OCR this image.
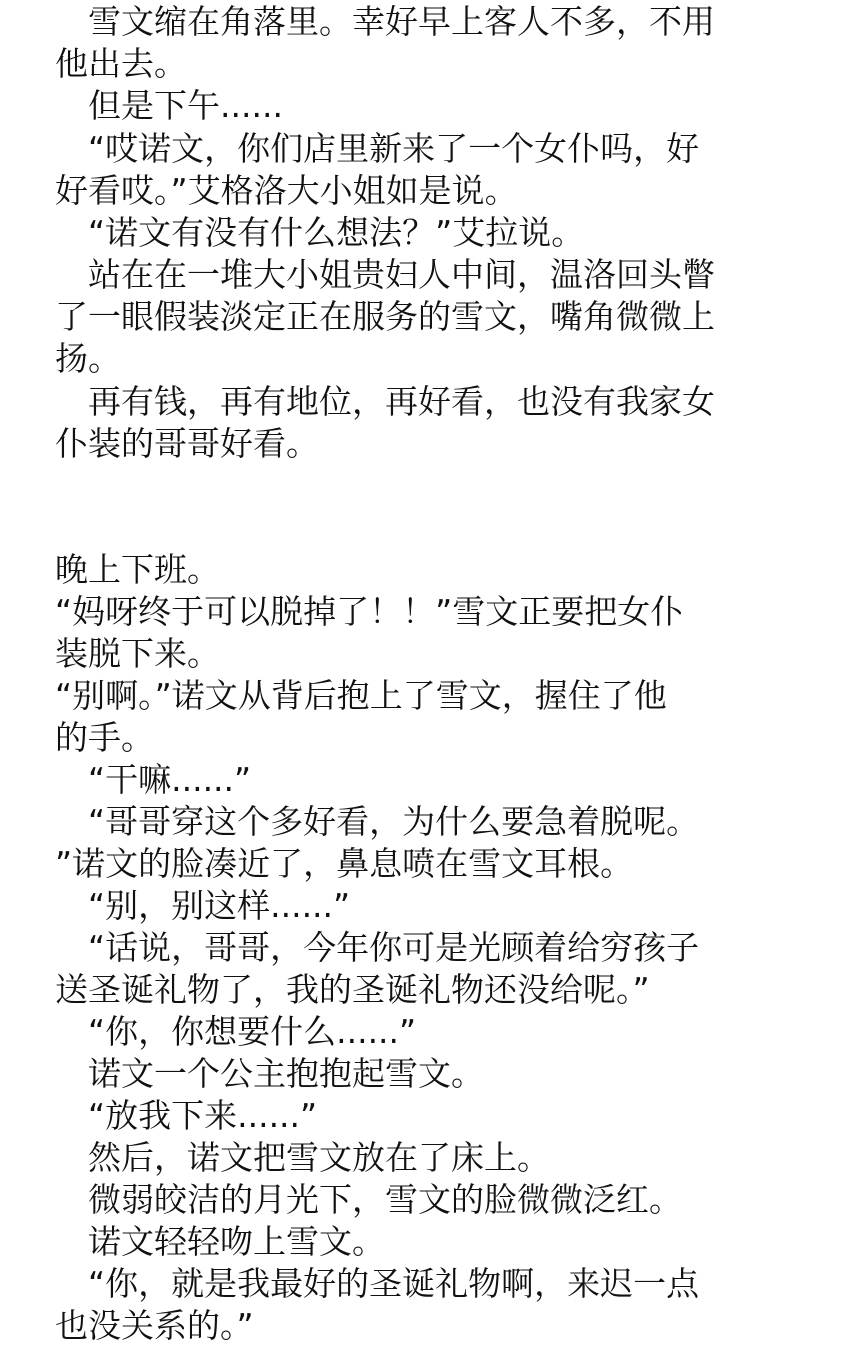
　雪文缩在角落里。幸好早上客人不多，不用
他出去。
　但是下午......
　“哎诺文，你们店里新来了一个女仆吗，好
好看哎。”艾格洛大小姐如是说。
　“诺文有没有什么想法？”艾拉说。
　站在在一堆大小姐贵妇人中间，温洛回头瞥
了一眼假装淡定正在服务的雪文，嘴角微微上
扬。
　再有钱，再有地位，再好看，也没有我家女
仆装的哥哥好看。
晚上下班。
“妈呀终于可以脱掉了！！”雪文正要把女仆
装脱下来。
“别啊。”诺文从背后抱上了雪文，握住了他
的手。
　“干嘛......”
　“哥哥穿这个多好看，为什么要急着脱呢。
”诺文的脸凑近了，鼻息喷在雪文耳根。
　“别，别这样......”
　“话说，哥哥，今年你可是光顾着给穷孩子
送圣诞礼物了，我的圣诞礼物还没给呢。”
　“你，你想要什么......”
　诺文一个公主抱抱起雪文。
　“放我下来......”
　然后，诺文把雪文放在了床上。
　微弱皎洁的月光下，雪文的脸微微泛红。
　诺文轻轻吻上雪文。
　“你，就是我最好的圣诞礼物啊，来迟一点
也没关系的。”
